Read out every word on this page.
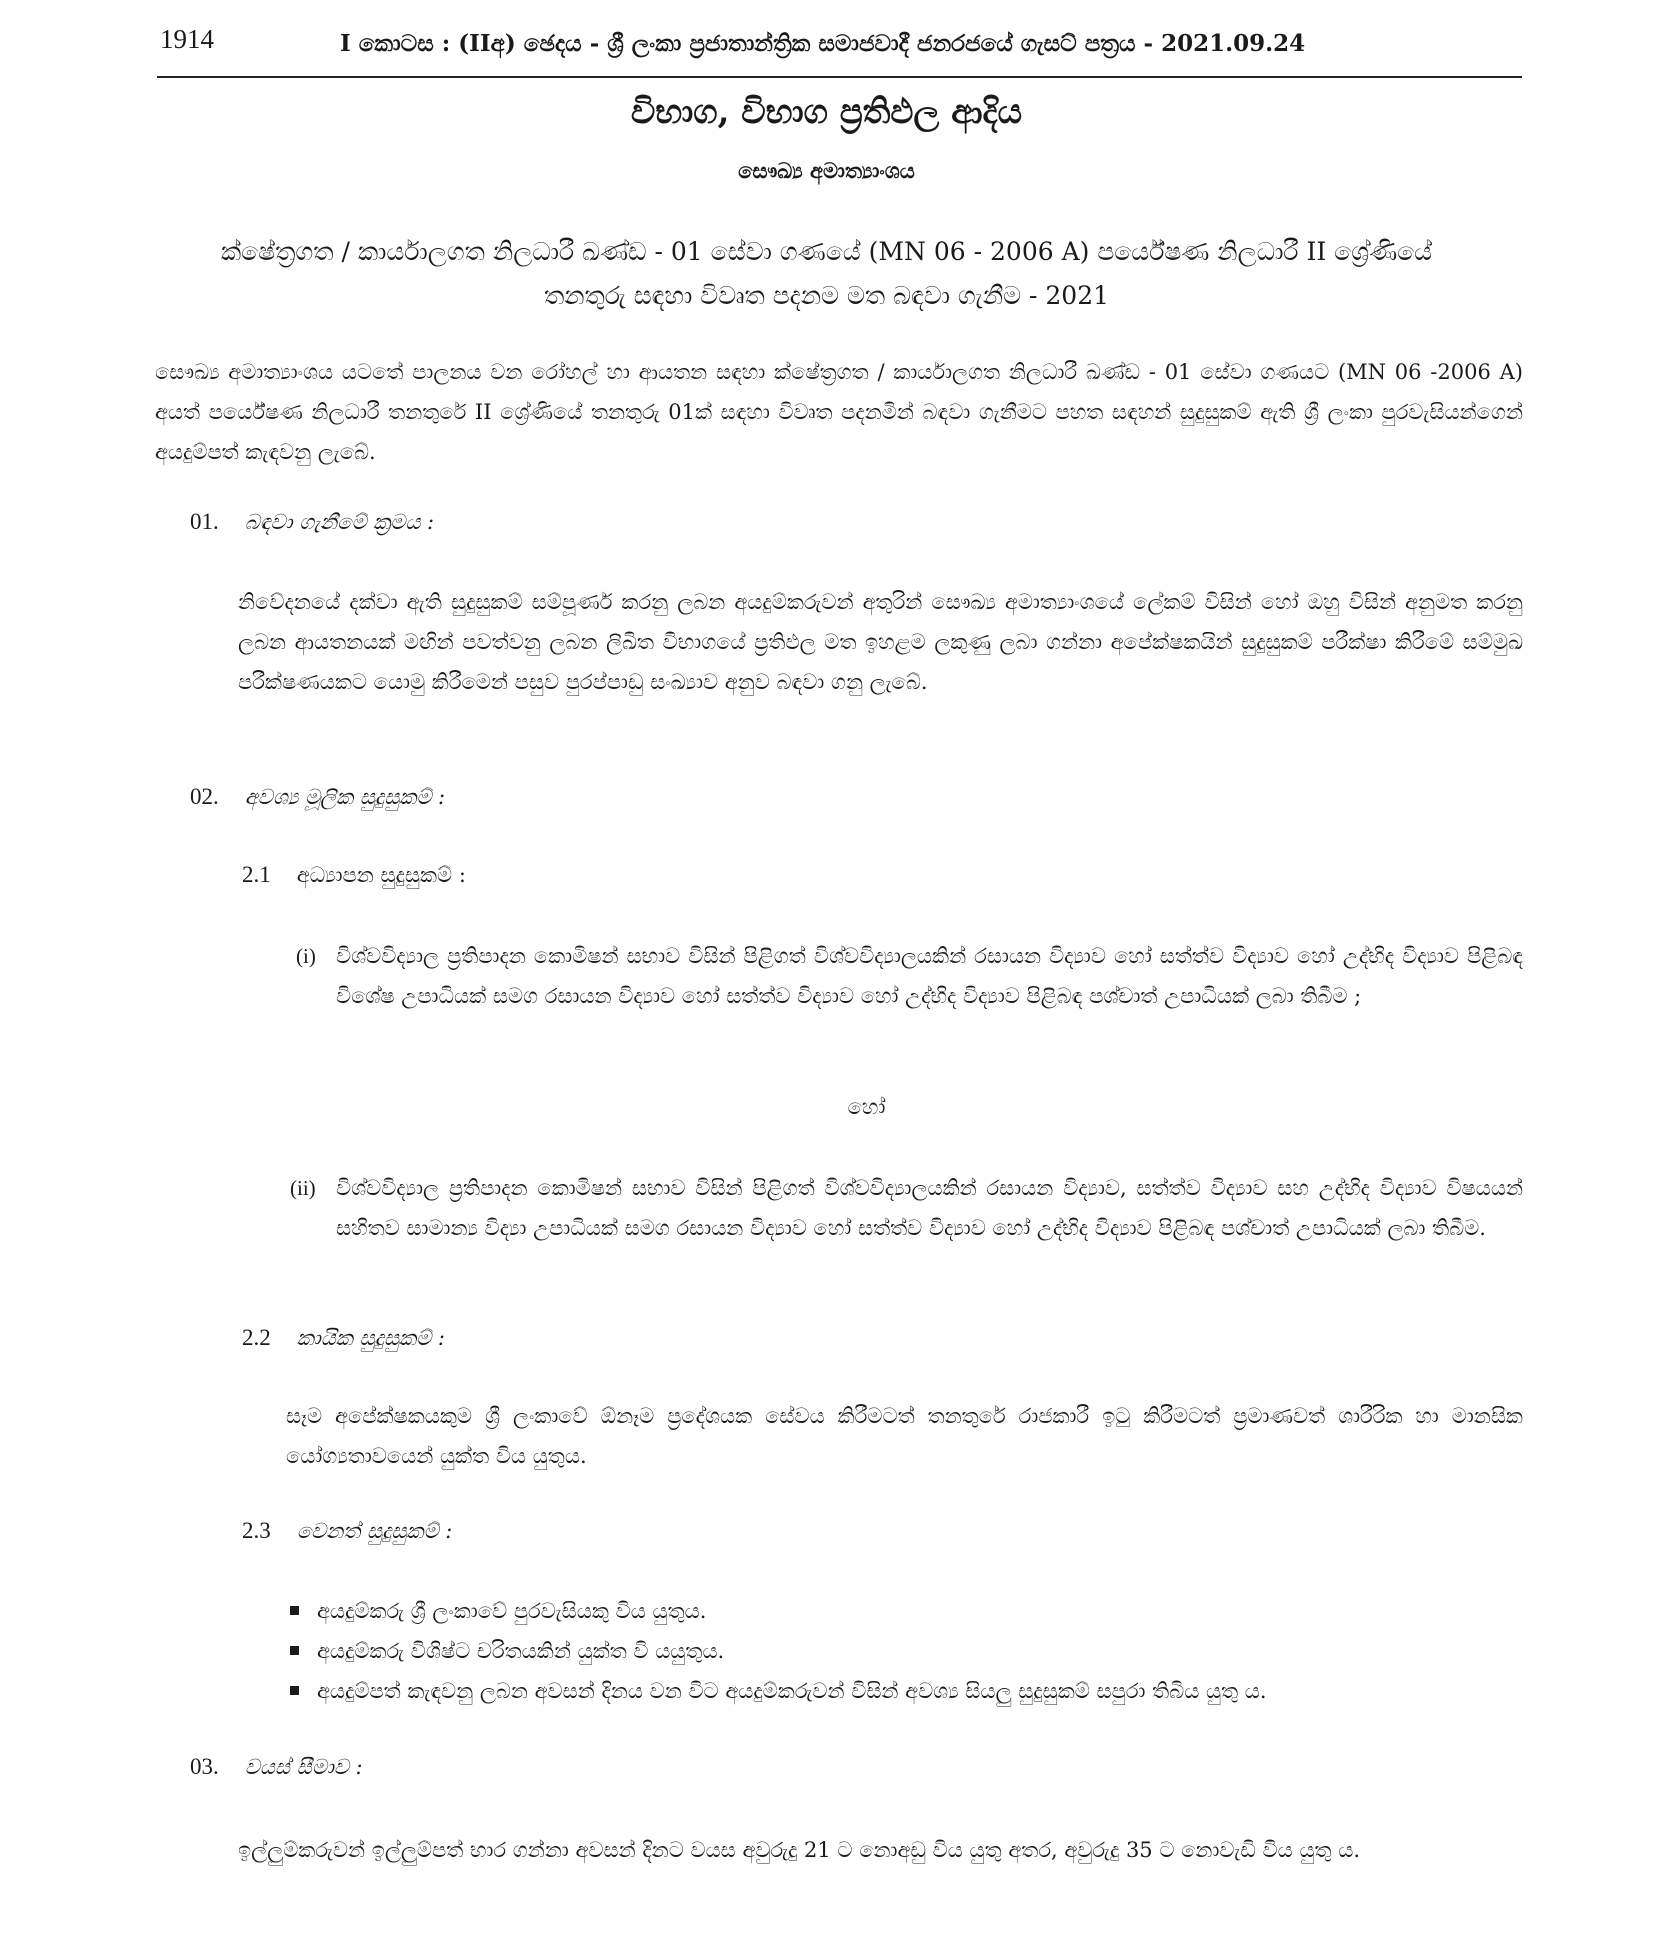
1914	I කොටස : (IIඅ) ඡෙදය - ශ්‍රී ලංකා ප්‍රජාතාන්ත්‍රික සමාජවාදී ජනරජයේ ගැසට් පත්‍රය - 2021.09.24
විභාග, විභාග ප්‍රතිඵල ආදිය
සෞඛ්‍ය අමාත්‍යාංශය
ක්ෂේත්‍රගත / කාර්යාලගත නිලධාරී ඛණ්ඩ - 01 සේවා ගණයේ (MN 06 - 2006 A) පර්යේෂණ නිලධාරී II ශ්‍රේණියේ
තනතුරු සඳහා විවෘත පදනම මත බඳවා ගැනීම - 2021
සෞඛ්‍ය අමාත්‍යාංශය යටතේ පාලනය වන රෝහල් හා ආයතන සඳහා ක්ෂේත්‍රගත / කාර්යාලගත නිලධාරී ඛණ්ඩ - 01 සේවා ගණයට (MN 06 -2006 A) අයත් පර්යේෂණ නිලධාරී තනතුරේ II ශ්‍රේණියේ තනතුරු 01ක් සඳහා විවෘත පදනමින් බඳවා ගැනීමට පහත සඳහන් සුදුසුකම් ඇති ශ්‍රී ලංකා පුරවැසියන්ගෙන් අයදුම්පත් කැඳවනු ලැබේ.
01. බඳවා ගැනීමේ ක්‍රමය :
නිවේදනයේ දක්වා ඇති සුදුසුකම් සම්පූර්ණ කරනු ලබන අයදුම්කරුවන් අතුරින් සෞඛ්‍ය අමාත්‍යාංශයේ ලේකම් විසින් හෝ ඔහු විසින් අනුමත කරනු ලබන ආයතනයක් මඟින් පවත්වනු ලබන ලිඛිත විභාගයේ ප්‍රතිඵල මත ඉහළම ලකුණු ලබා ගන්නා අපේක්ෂකයින් සුදුසුකම් පරීක්ෂා කිරීමේ සම්මුඛ පරීක්ෂණයකට යොමු කිරීමෙන් පසුව පුරප්පාඩු සංඛ්‍යාව අනුව බඳවා ගනු ලැබේ.
02. අවශ්‍ය මූලික සුදුසුකම් :
2.1 අධ්‍යාපන සුදුසුකම් :
(i) විශ්වවිද්‍යාල ප්‍රතිපාදන කොමිෂන් සභාව විසින් පිළිගත් විශ්වවිද්‍යාලයකින් රසායන විද්‍යාව හෝ සත්ත්ව විද්‍යාව හෝ උද්භිද විද්‍යාව පිළිබඳ විශේෂ උපාධියක් සමග රසායන විද්‍යාව හෝ සත්ත්ව විද්‍යාව හෝ උද්භිද විද්‍යාව පිළිබඳ පශ්චාත් උපාධියක් ලබා තිබීම ;
හෝ
(ii) විශ්වවිද්‍යාල ප්‍රතිපාදන කොමිෂන් සභාව විසින් පිළිගත් විශ්වවිද්‍යාලයකින් රසායන විද්‍යාව, සත්ත්ව විද්‍යාව සහ උද්භිද විද්‍යාව විෂයයන් සහිතව සාමාන්‍ය විද්‍යා උපාධියක් සමග රසායන විද්‍යාව හෝ සත්ත්ව විද්‍යාව හෝ උද්භිද විද්‍යාව පිළිබඳ පශ්චාත් උපාධියක් ලබා තිබීම.
2.2 කායික සුදුසුකම් :
සෑම අපේක්ෂකයකුම ශ්‍රී ලංකාවේ ඕනෑම ප්‍රදේශයක සේවය කිරීමටත් තනතුරේ රාජකාරී ඉටු කිරීමටත් ප්‍රමාණවත් ශාරීරික හා මානසික යෝග්‍යතාවයෙන් යුක්ත විය යුතුය.
2.3 වෙනත් සුදුසුකම් :
අයදුම්කරු ශ්‍රී ලංකාවේ පුරවැසියකු විය යුතුය.
අයදුම්කරු විශිෂ්ට චරිතයකින් යුක්ත වි යයුතුය.
අයදුම්පත් කැඳවනු ලබන අවසන් දිනය වන විට අයදුම්කරුවන් විසින් අවශ්‍ය සියලු සුදුසුකම් සපුරා තිබිය යුතු ය.
03. වයස් සීමාව :
ඉල්ලුම්කරුවන් ඉල්ලුම්පත් භාර ගන්නා අවසන් දිනට වයස අවුරුදු 21 ට නොඅඩු විය යුතු අතර, අවුරුදු 35 ට නොවැඩි විය යුතු ය.
